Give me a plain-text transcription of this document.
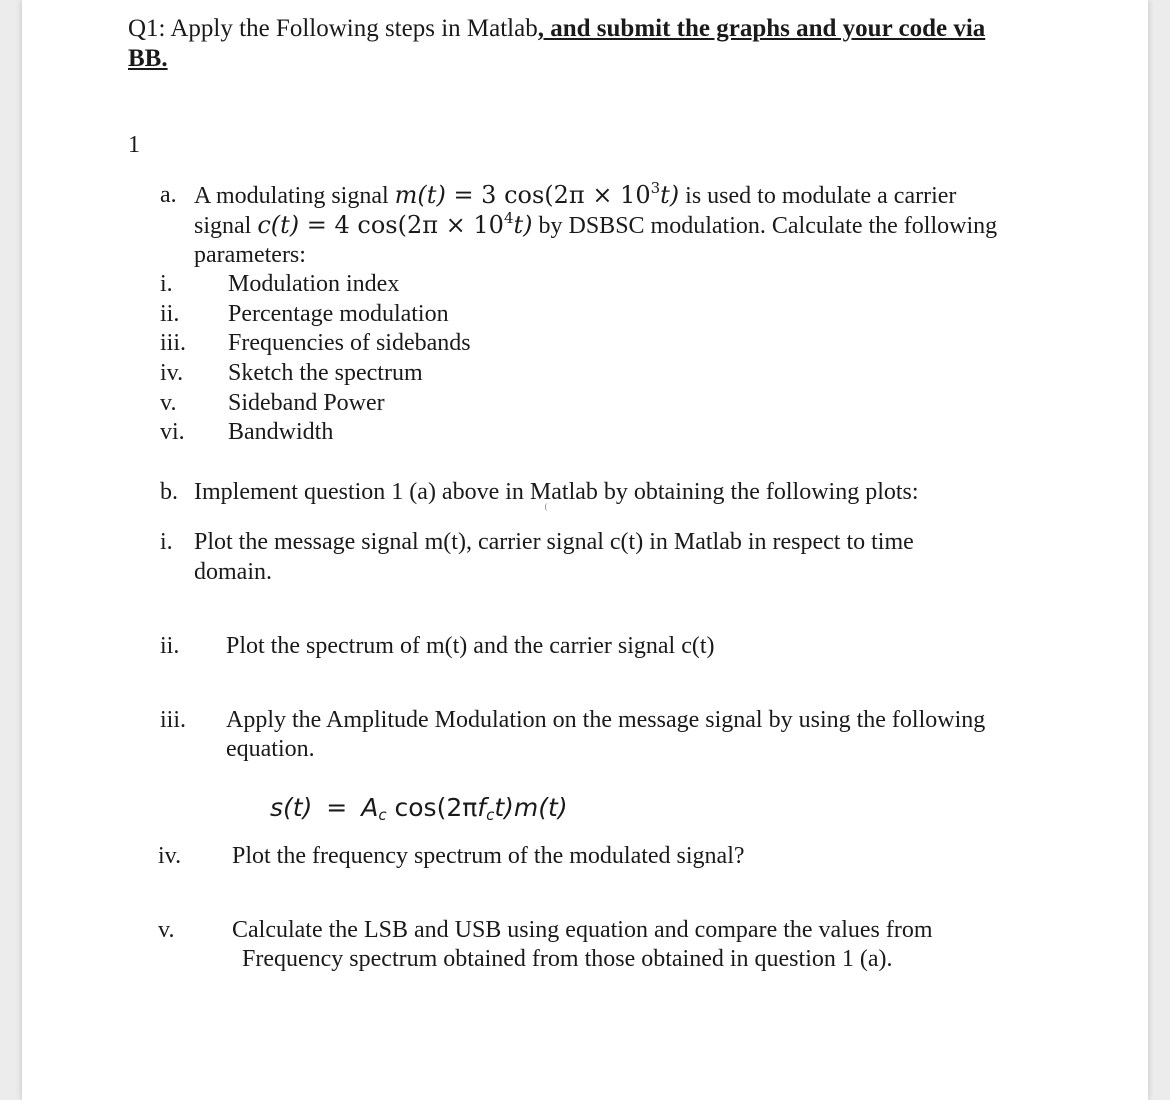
Q1: Apply the Following steps in Matlab, and submit the graphs and your code via
BB.
1
a. A modulating signal m(t) = 3 $\cos(2\pi \times 10^3t)$ is used to modulate a carrier
signal c(t) = 4 $\cos(2\pi \times 10^4t)$ by DSBSC modulation. Calculate the following
parameters:
i. Modulation index
ii. Percentage modulation
iii. Frequencies of sidebands
iv. Sketch the spectrum
v. Sideband Power
vi. Bandwidth
b. Implement question 1 (a) above in Matlab by obtaining the following plots:
i. Plot the message signal m(t), carrier signal c(t) in Matlab in respect to time
domain.
ii. Plot the spectrum of m(t) and the carrier signal c(t)
iii. Apply the Amplitude Modulation on the message signal by using the following
equation.
$s(t) = A_c$ $\cos(2\pi f_ct)m(t)$
iv. Plot the frequency spectrum of the modulated signal?
v. Calculate the LSB and USB using equation and compare the values from
Frequency spectrum obtained from those obtained in question 1 (a).
